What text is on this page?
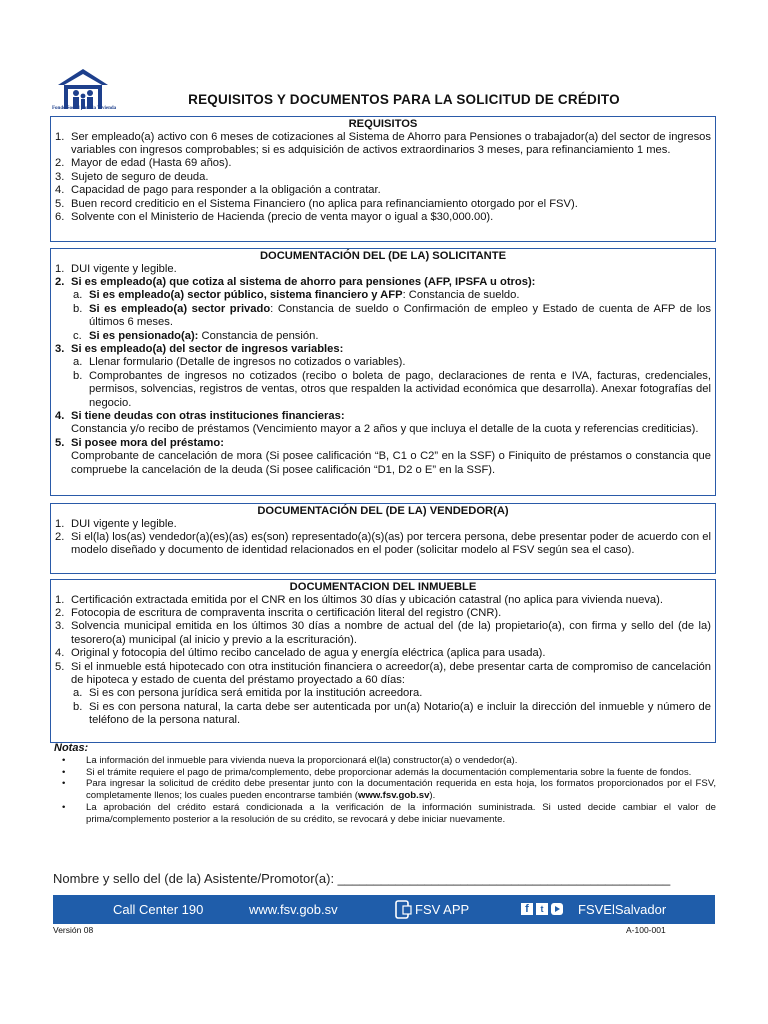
Fondo Social para la Vivienda
REQUISITOS Y DOCUMENTOS PARA LA SOLICITUD DE CRÉDITO
REQUISITOS
1. Ser empleado(a) activo con 6 meses de cotizaciones al Sistema de Ahorro para Pensiones o trabajador(a) del sector de ingresos variables con ingresos comprobables; si es adquisición de activos extraordinarios 3 meses, para refinanciamiento 1 mes.
2. Mayor de edad (Hasta 69 años).
3. Sujeto de seguro de deuda.
4. Capacidad de pago para responder a la obligación a contratar.
5. Buen record crediticio en el Sistema Financiero (no aplica para refinanciamiento otorgado por el FSV).
6. Solvente con el Ministerio de Hacienda (precio de venta mayor o igual a $30,000.00).
DOCUMENTACIÓN DEL (DE LA) SOLICITANTE
1. DUI vigente y legible.
2. Si es empleado(a) que cotiza al sistema de ahorro para pensiones (AFP, IPSFA u otros):
a. Si es empleado(a) sector público, sistema financiero y AFP: Constancia de sueldo.
b. Si es empleado(a) sector privado: Constancia de sueldo o Confirmación de empleo y Estado de cuenta de AFP de los últimos 6 meses.
c. Si es pensionado(a): Constancia de pensión.
3. Si es empleado(a) del sector de ingresos variables:
a. Llenar formulario (Detalle de ingresos no cotizados o variables).
b. Comprobantes de ingresos no cotizados (recibo o boleta de pago, declaraciones de renta e IVA, facturas, credenciales, permisos, solvencias, registros de ventas, otros que respalden la actividad económica que desarrolla). Anexar fotografías del negocio.
4. Si tiene deudas con otras instituciones financieras:
Constancia y/o recibo de préstamos (Vencimiento mayor a 2 años y que incluya el detalle de la cuota y referencias crediticias).
5. Si posee mora del préstamo:
Comprobante de cancelación de mora (Si posee calificación “B, C1 o C2” en la SSF) o Finiquito de préstamos o constancia que compruebe la cancelación de la deuda (Si posee calificación “D1, D2 o E” en la SSF).
DOCUMENTACIÓN DEL (DE LA) VENDEDOR(A)
1. DUI vigente y legible.
2. Si el(la) los(as) vendedor(a)(es)(as) es(son) representado(a)(s)(as) por tercera persona, debe presentar poder de acuerdo con el modelo diseñado y documento de identidad relacionados en el poder (solicitar modelo al FSV según sea el caso).
DOCUMENTACION DEL INMUEBLE
1. Certificación extractada emitida por el CNR en los últimos 30 días y ubicación catastral (no aplica para vivienda nueva).
2. Fotocopia de escritura de compraventa inscrita o certificación literal del registro (CNR).
3. Solvencia municipal emitida en los últimos 30 días a nombre de actual del (de la) propietario(a), con firma y sello del (de la) tesorero(a) municipal (al inicio y previo a la escrituración).
4. Original y fotocopia del último recibo cancelado de agua y energía eléctrica (aplica para usada).
5. Si el inmueble está hipotecado con otra institución financiera o acreedor(a), debe presentar carta de compromiso de cancelación de hipoteca y estado de cuenta del préstamo proyectado a 60 días:
a. Si es con persona jurídica será emitida por la institución acreedora.
b. Si es con persona natural, la carta debe ser autenticada por un(a) Notario(a) e incluir la dirección del inmueble y número de teléfono de la persona natural.
Notas:
•	La información del inmueble para vivienda nueva la proporcionará el(la) constructor(a) o vendedor(a).
•	Si el trámite requiere el pago de prima/complemento, debe proporcionar además la documentación complementaria sobre la fuente de fondos.
•	Para ingresar la solicitud de crédito debe presentar junto con la documentación requerida en esta hoja, los formatos proporcionados por el FSV, completamente llenos; los cuales pueden encontrarse también (www.fsv.gob.sv).
•	La aprobación del crédito estará condicionada a la verificación de la información suministrada. Si usted decide cambiar el valor de prima/complemento posterior a la resolución de su crédito, se revocará y debe iniciar nuevamente.
Nombre y sello del (de la) Asistente/Promotor(a): ______________________________________________
Call Center 190	www.fsv.gob.sv	FSV APP	f	t	FSVElSalvador
Versión 08	A-100-001
